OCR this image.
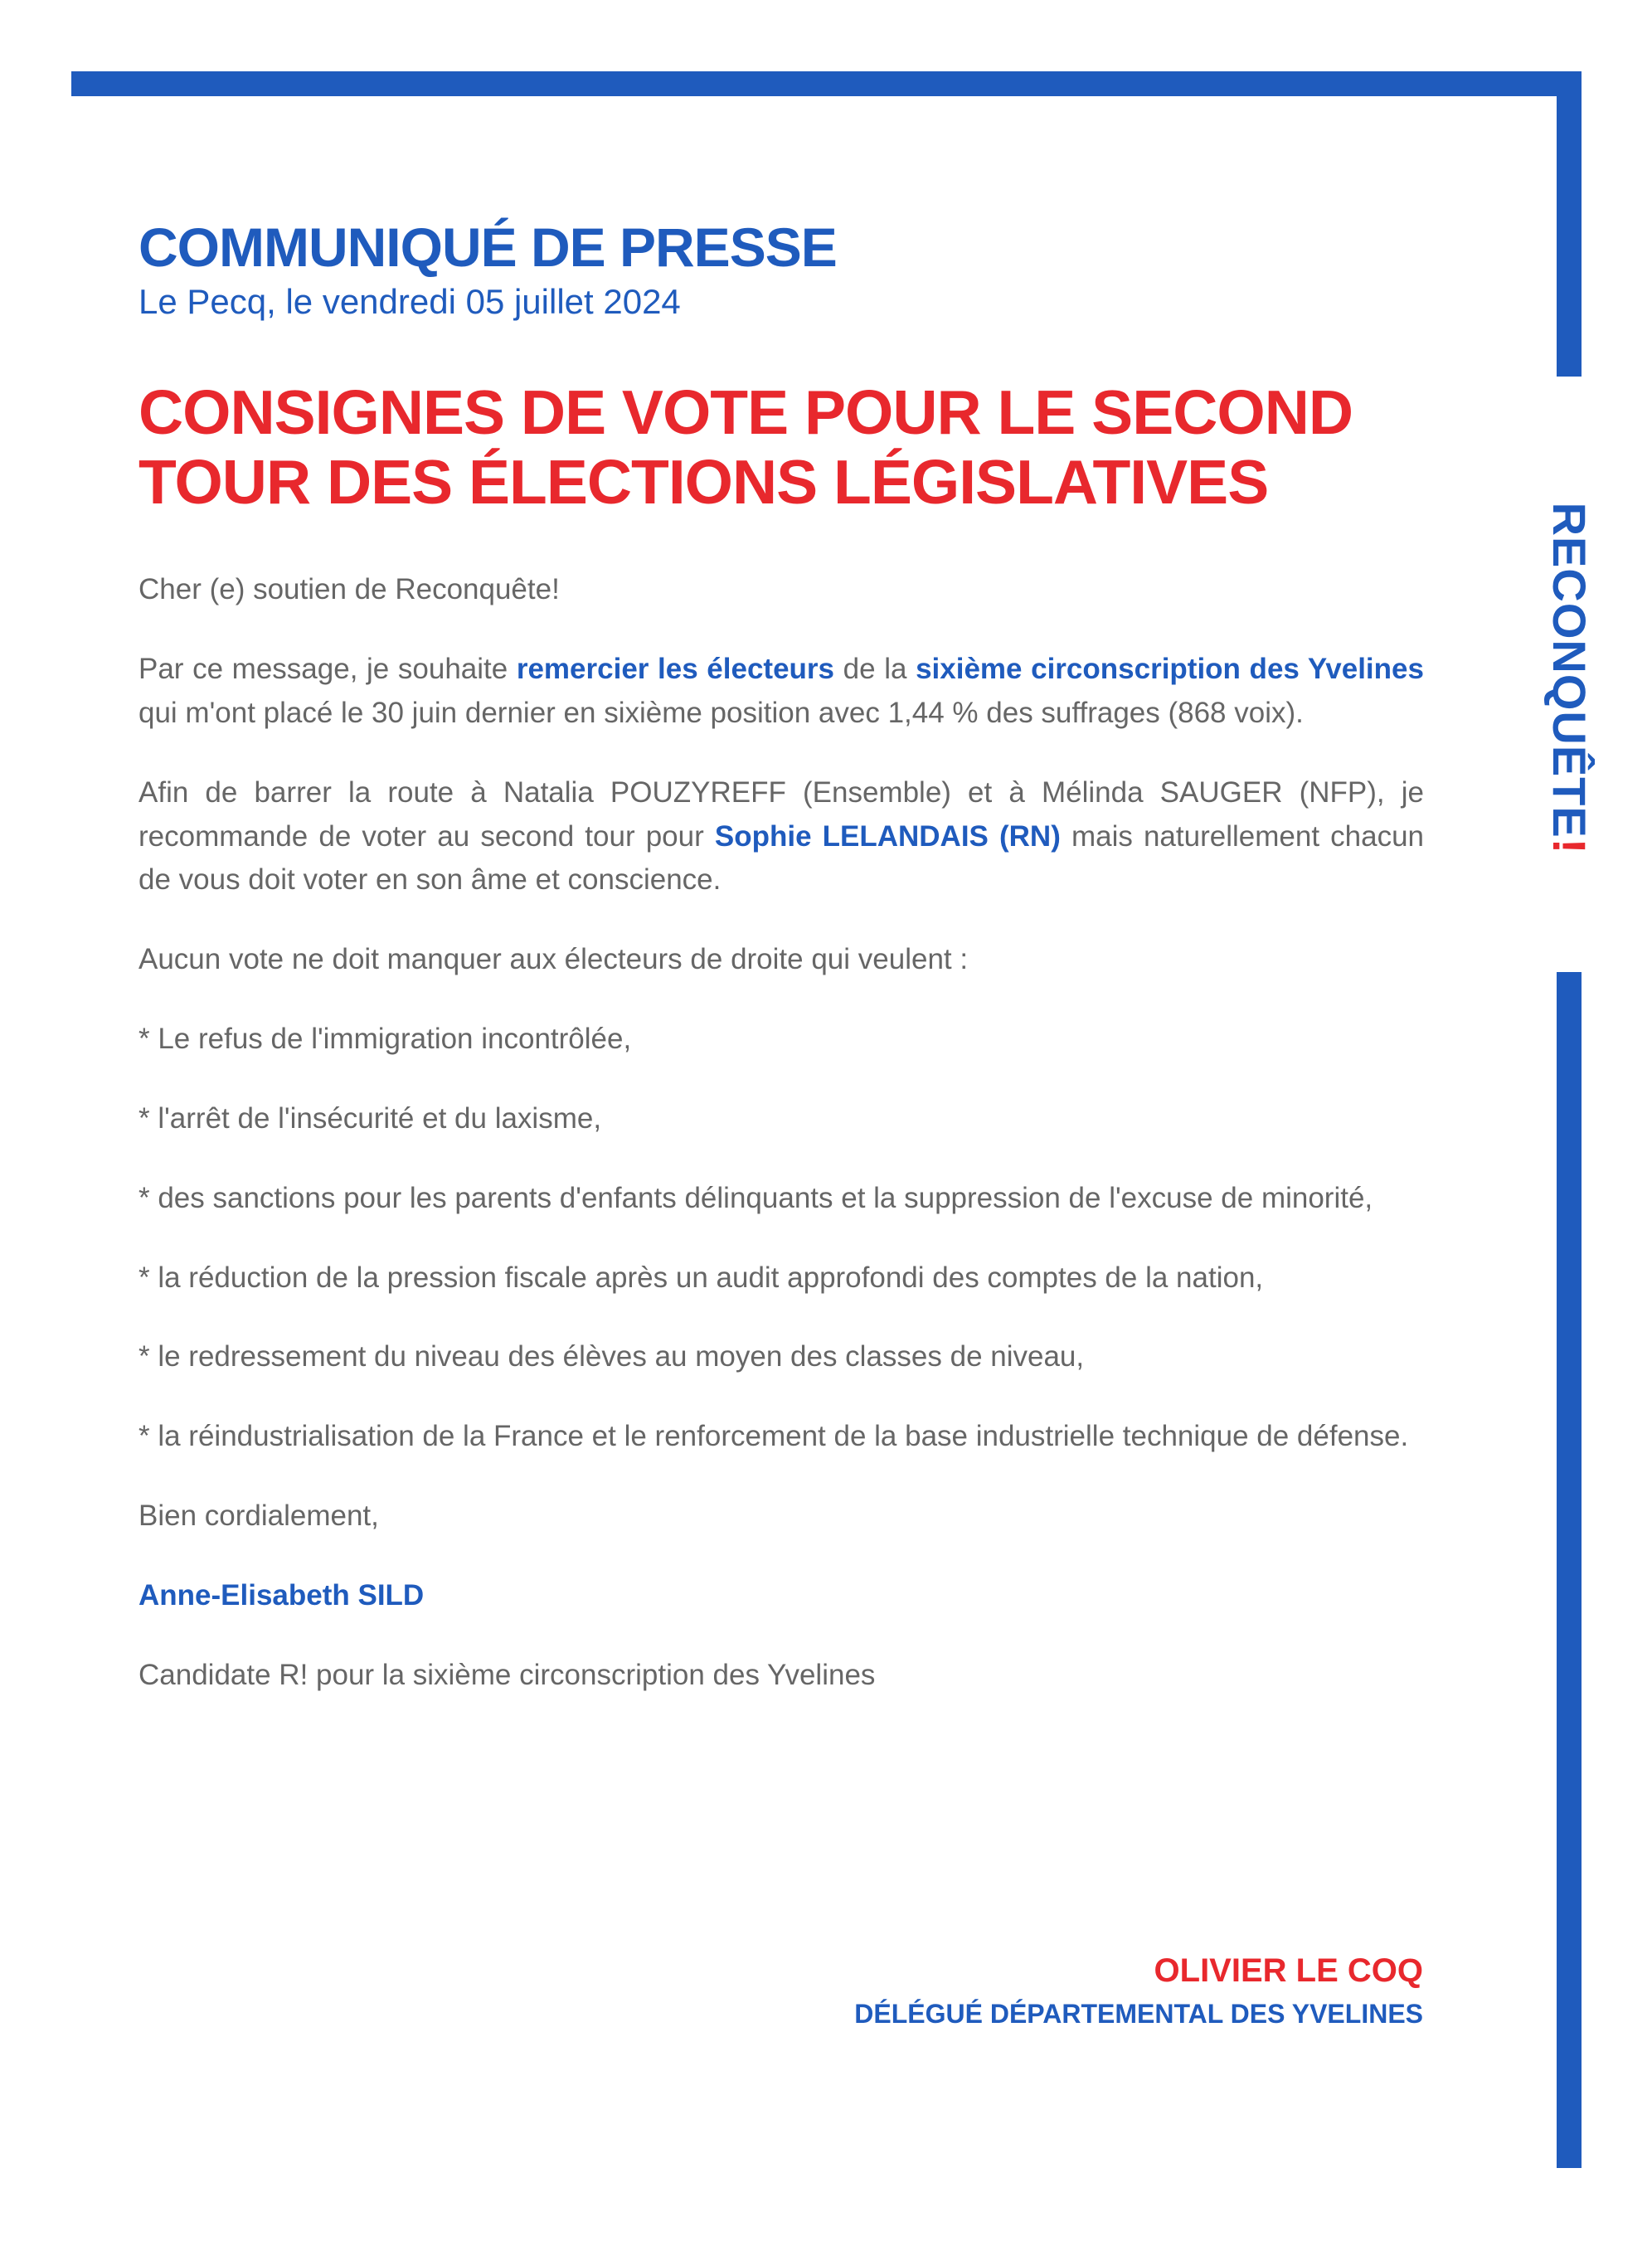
RECONQUÊTE!
COMMUNIQUÉ DE PRESSE
Le Pecq, le vendredi 05 juillet 2024
CONSIGNES DE VOTE POUR LE SECOND TOUR DES ÉLECTIONS LÉGISLATIVES

Cher (e) soutien de Reconquête!

Par ce message, je souhaite remercier les électeurs de la sixième circonscription des Yvelines qui m'ont placé le 30 juin dernier en sixième position avec 1,44 % des suffrages (868 voix).

Afin de barrer la route à Natalia POUZYREFF (Ensemble) et à Mélinda SAUGER (NFP), je recommande de voter au second tour pour Sophie LELANDAIS (RN) mais naturellement chacun de vous doit voter en son âme et conscience.

Aucun vote ne doit manquer aux électeurs de droite qui veulent :

* Le refus de l'immigration incontrôlée,

* l'arrêt de l'insécurité et du laxisme,

* des sanctions pour les parents d'enfants délinquants et la suppression de l'excuse de minorité,

* la réduction de la pression fiscale après un audit approfondi des comptes de la nation,

* le redressement du niveau des élèves au moyen des classes de niveau,

* la réindustrialisation de la France et le renforcement de la base industrielle technique de défense.

Bien cordialement,

Anne-Elisabeth SILD

Candidate R! pour la sixième circonscription des Yvelines

OLIVIER LE COQ
DÉLÉGUÉ DÉPARTEMENTAL DES YVELINES
